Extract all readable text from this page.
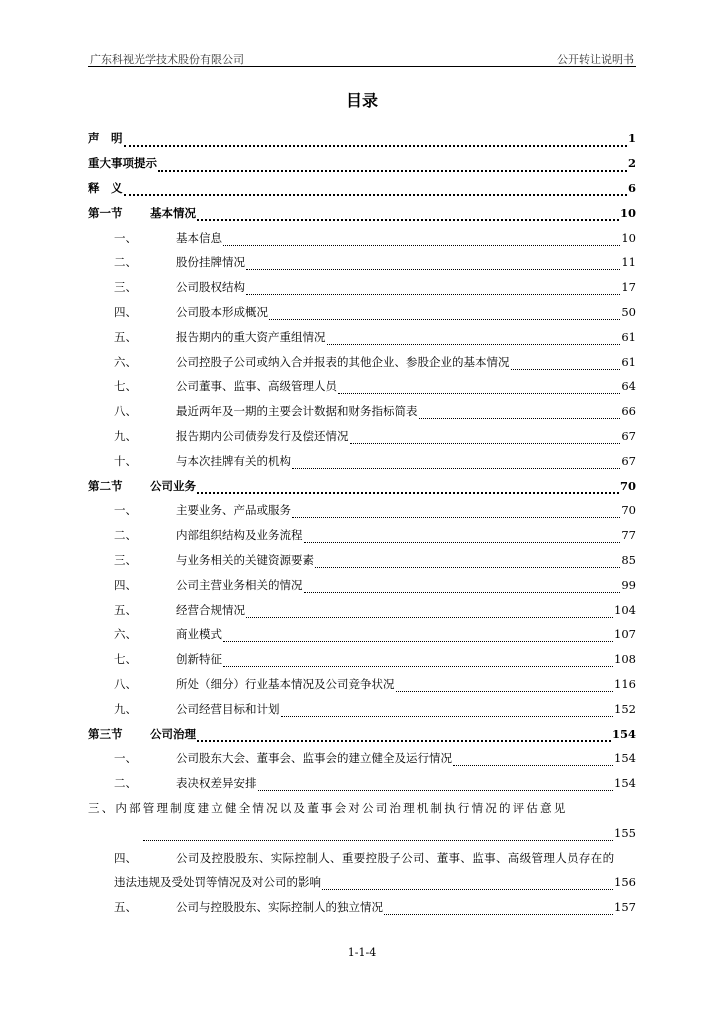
广东科视光学技术股份有限公司	公开转让说明书
目录
声　明	1
重大事项提示	2
释　义	6
第一节	基本情况	10
一、	基本信息	10
二、	股份挂牌情况	11
三、	公司股权结构	17
四、	公司股本形成概况	50
五、	报告期内的重大资产重组情况	61
六、	公司控股子公司或纳入合并报表的其他企业、参股企业的基本情况	61
七、	公司董事、监事、高级管理人员	64
八、	最近两年及一期的主要会计数据和财务指标简表	66
九、	报告期内公司债券发行及偿还情况	67
十、	与本次挂牌有关的机构	67
第二节	公司业务	70
一、	主要业务、产品或服务	70
二、	内部组织结构及业务流程	77
三、	与业务相关的关键资源要素	85
四、	公司主营业务相关的情况	99
五、	经营合规情况	104
六、	商业模式	107
七、	创新特征	108
八、	所处（细分）行业基本情况及公司竞争状况	116
九、	公司经营目标和计划	152
第三节	公司治理	154
一、	公司股东大会、董事会、监事会的建立健全及运行情况	154
二、	表决权差异安排	154
三、内部管理制度建立健全情况以及董事会对公司治理机制执行情况的评估意见
155
四、	公司及控股股东、实际控制人、重要控股子公司、董事、监事、高级管理人员存在的
违法违规及受处罚等情况及对公司的影响	156
五、	公司与控股股东、实际控制人的独立情况	157
1-1-4
